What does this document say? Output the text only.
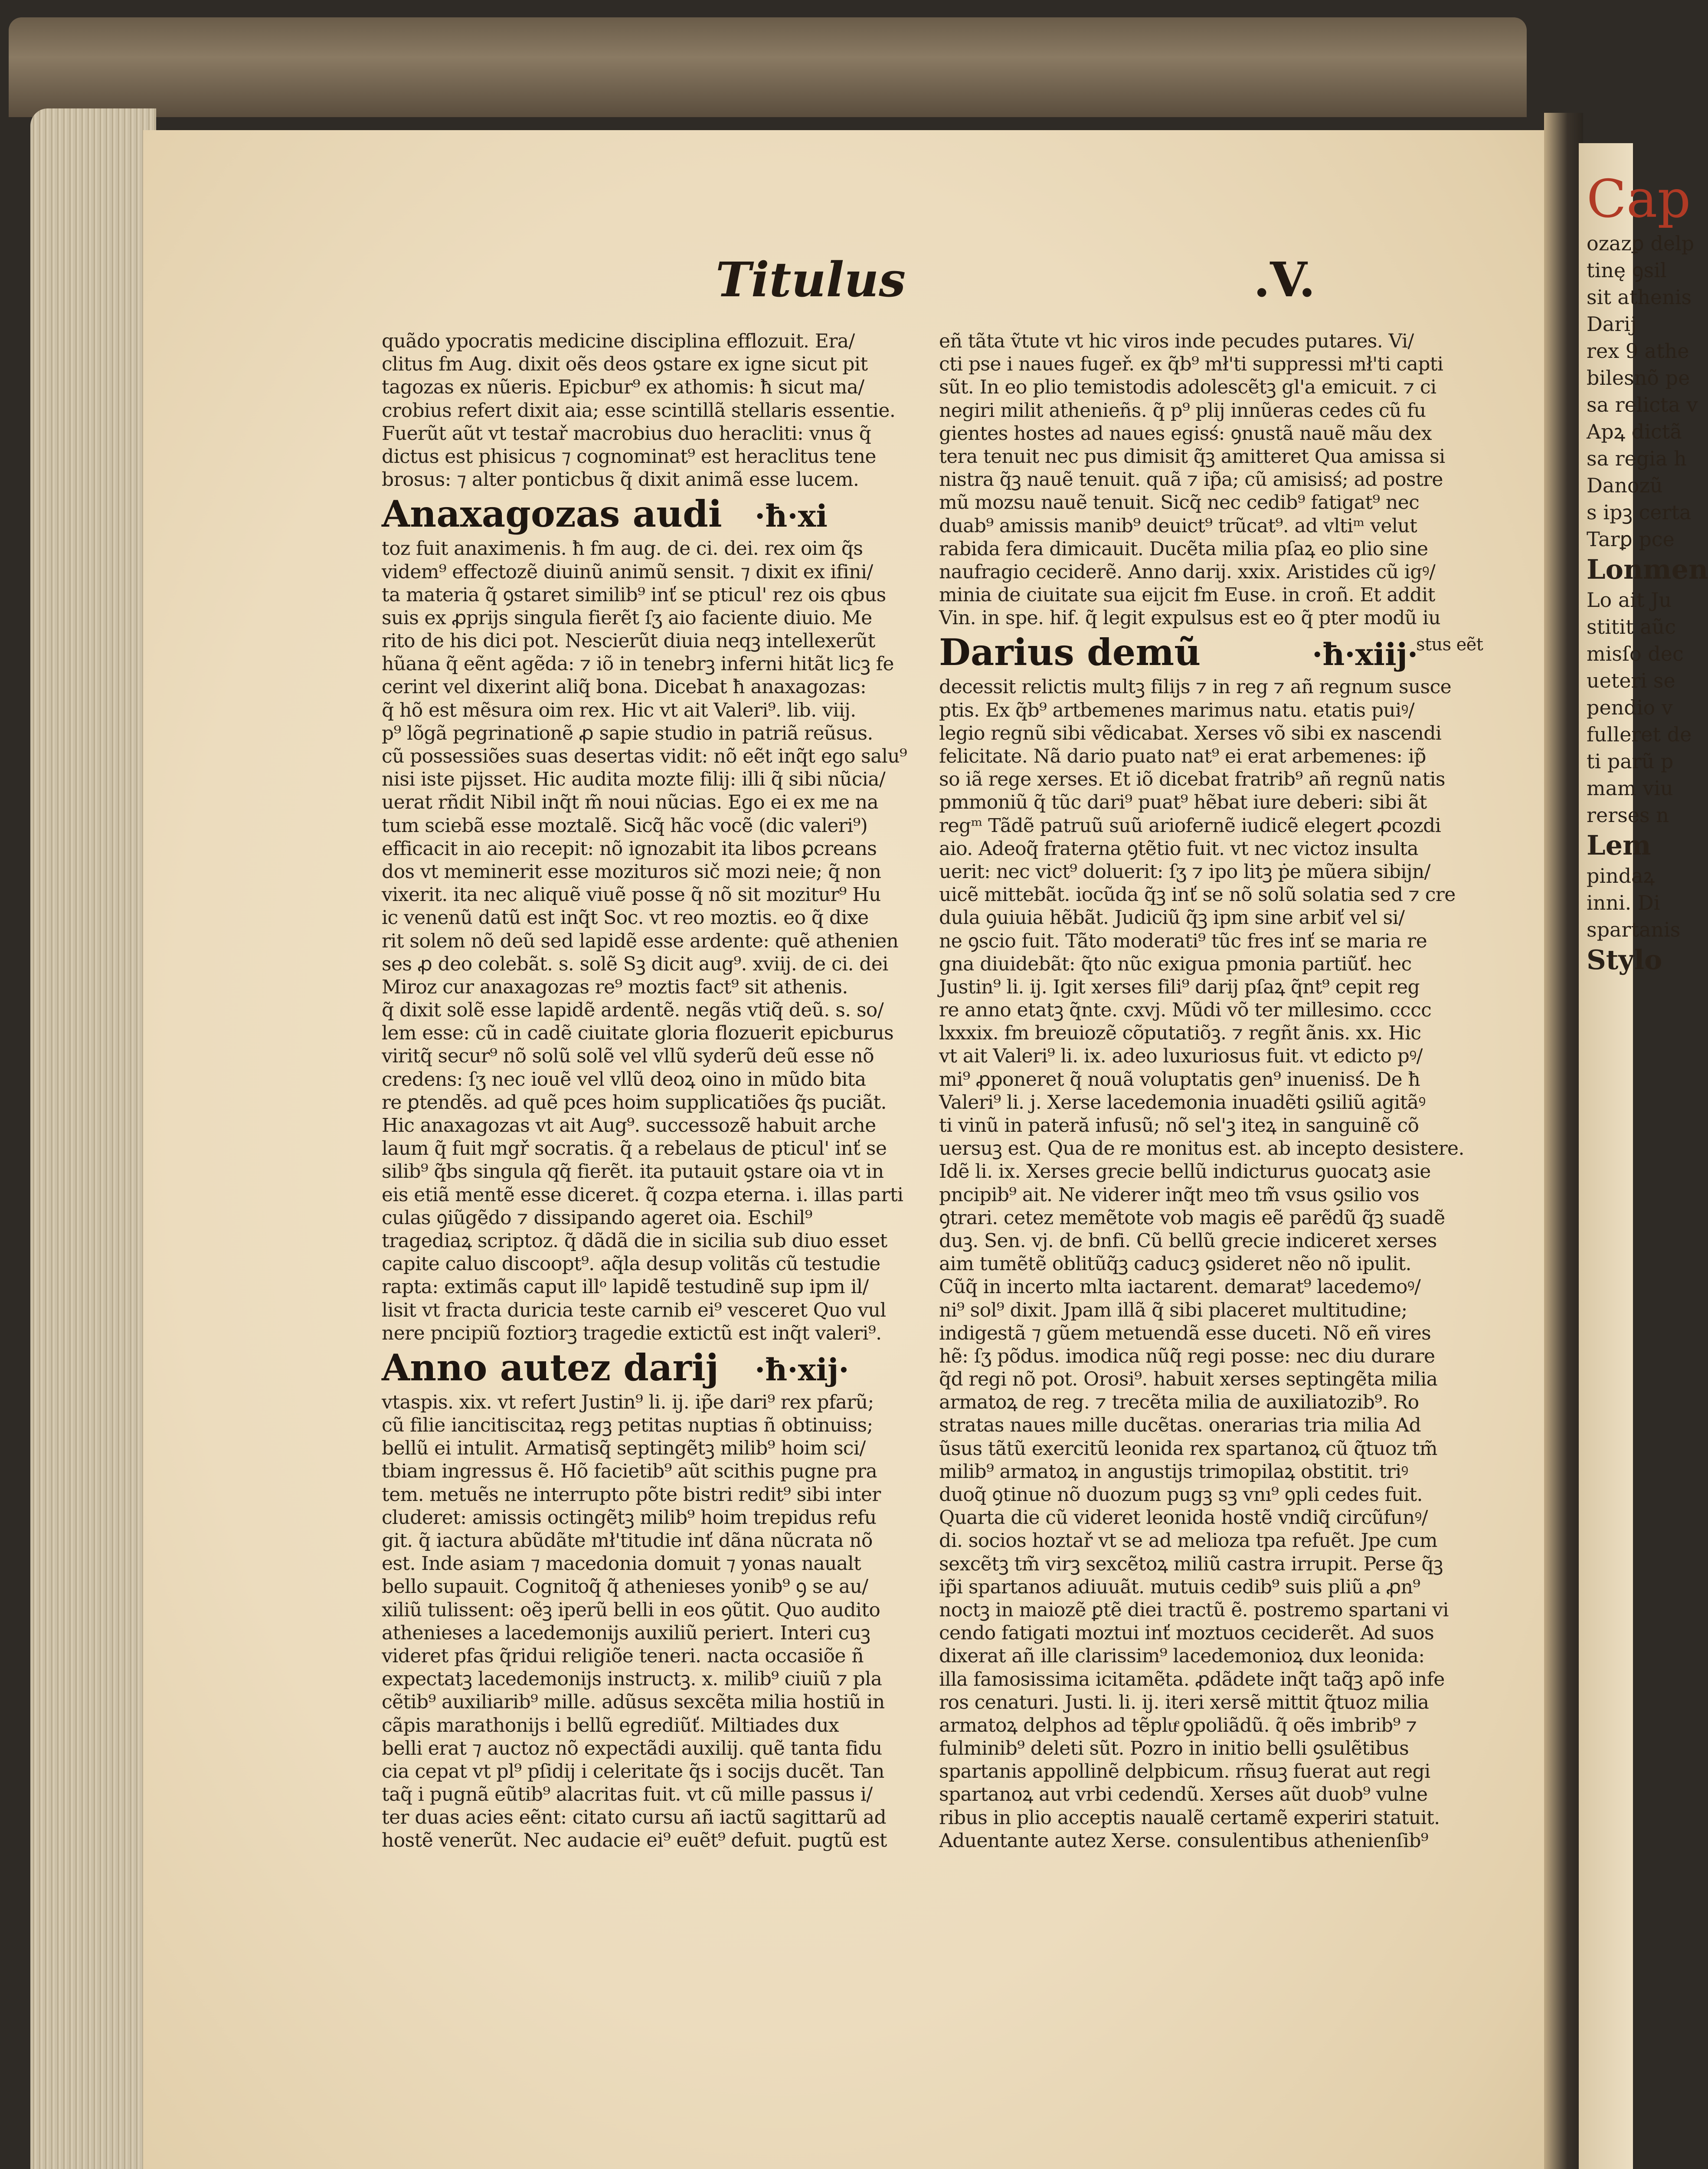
Cap
ozazꝑ delp
tinę ꝯsil
sit athenis
Darij
rex 9 athe
bilesnõ pe
sa relicta v
Apꝝ dictã
sa regia h
Danozũ
s ipꝫ certa
Tarꝑ pce
Lonmen
Lo ait Ju
stitit aũc
misſo dec
ueteri se
pendio v
fulleret de
ti parũ p
mam viu
rerses n
Lem
pindaꝝ
inni. Di
spartanis
Stylo
Titulus	.V.
quãdo ypocratis medicine disciplina efflozuit. Era/
clitus fm Aug. dixit oẽs deos ꝯstare ex igne sicut pit
tagozas ex nũeris. Epicbur⁹ ex athomis: ħ sicut ma/
crobius refert dixit aia; esse scintillã stellaris essentie.
Fuerũt aũt vt testař macrobius duo heracliti: vnus q̃
dictus est phisicus ⁊ cognominat⁹ est heraclitus tene
brosus: ⁊ alter ponticbus q̃ dixit animã esse lucem.
Anaxagozas audi ·ħ·xi
toz fuit anaximenis. ħ fm aug. de ci. dei. rex oim q̃s
videm⁹ effectozẽ diuinũ animũ sensit. ⁊ dixit ex ifini/
ta materia q̃ ꝯstaret similib⁹ inť se pticul' rez ois qbus
suis ex ꝓprijs singula fierẽt ſʒ aio faciente diuio. Me
rito de his dici pot. Nescierũt diuia neqꝫ intellexerũt
hũana q̃ eẽnt agẽda: ⁊ iõ in tenebrꝫ inferni hitãt licꝫ fe
cerint vel dixerint aliq̃ bona. Dicebat ħ anaxagozas:
q̃ hõ est mẽsura oim rex. Hic vt ait Valeri⁹. lib. viij.
p⁹ lõgã pegrinationẽ ꝓ sapie studio in patriã reũsus.
cũ possessiões suas desertas vidit: nõ eẽt inq̃t ego salu⁹
nisi iste pijsset. Hic audita mozte filij: illi q̃ sibi nũcia/
uerat rñdit Nibil inq̃t m̃ noui nũcias. Ego ei ex me na
tum sciebã esse moztalẽ. Sicq̃ hãc vocẽ (dic valeri⁹)
efficacit in aio recepit: nõ ignozabit ita libos ꝑcreans
dos vt meminerit esse mozituros sič mozi neie; q̃ non
vixerit. ita nec aliquẽ viuẽ posse q̃ nõ sit mozitur⁹ Hu
ic venenũ datũ est inq̃t Soc. vt reo moztis. eo q̃ dixe
rit solem nõ deũ sed lapidẽ esse ardente: quẽ athenien
ses ꝓ deo colebãt. s. solẽ Sꝫ dicit aug⁹. xviij. de ci. dei
Miroz cur anaxagozas re⁹ moztis fact⁹ sit athenis.
q̃ dixit solẽ esse lapidẽ ardentẽ. negãs vtiq̃ deũ. s. so/
lem esse: cũ in cadẽ ciuitate gloria flozuerit epicburus
viritq̃ secur⁹ nõ solũ solẽ vel vllũ syderũ deũ esse nõ
credens: ſʒ nec iouẽ vel vllũ deoꝝ oino in mũdo bita
re ꝑtendẽs. ad quẽ pces hoim supplicatiões q̃s puciãt.
Hic anaxagozas vt ait Aug⁹. successozẽ habuit arche
laum q̃ fuit mgř socratis. q̃ a rebelaus de pticul' inť se
silib⁹ q̃bs singula qq̃ fierẽt. ita putauit ꝯstare oia vt in
eis etiã mentẽ esse diceret. q̃ cozpa eterna. i. illas parti
culas ꝯiũgẽdo ⁊ dissipando ageret oia. Eschil⁹
tragediaꝝ scriptoz. q̃ dãdã die in sicilia sub diuo esset
capite caluo discoopt⁹. aq̃la desup volitãs cũ testudie
rapta: extimãs caput illᵒ lapidẽ testudinẽ sup ipm il/
lisit vt fracta duricia teste carnib ei⁹ vesceret Quo vul
nere pncipiũ foztiorꝫ tragedie extictũ est inq̃t valeri⁹.
Anno autez darij ·ħ·xij·
vtaspis. xix. vt refert Justin⁹ li. ij. ip̃e dari⁹ rex pfarũ;
cũ filie iancitiscitaꝝ regꝫ petitas nuptias ñ obtinuiss;
bellũ ei intulit. Armatisq̃ septingẽtꝫ milib⁹ hoim sci/
tbiam ingressus ẽ. Hõ facietib⁹ aũt scithis pugne pra
tem. metuẽs ne interrupto põte bistri redit⁹ sibi inter
cluderet: amissis octingẽtꝫ milib⁹ hoim trepidus refu
git. q̃ iactura abũdãte mł'titudie inť dãna nũcrata nõ
est. Inde asiam ⁊ macedonia domuit ⁊ yonas naualt
bello supauit. Cognitoq̃ q̃ athenieses yonib⁹ ꝯ se au/
xiliũ tulissent: oẽꝫ iperũ belli in eos ꝯũtit. Quo audito
athenieses a lacedemonijs auxiliũ periert. Interi cuꝫ
videret pfas q̃ridui religiõe teneri. nacta occasiõe ñ
expectatꝫ lacedemonijs instructꝫ. x. milib⁹ ciuiũ ⁊ pla
cẽtib⁹ auxiliarib⁹ mille. adũsus sexcẽta milia hostiũ in
cãpis marathonijs i bellũ egrediũť. Miltiades dux
belli erat ⁊ auctoz nõ expectãdi auxilij. quẽ tanta fidu
cia cepat vt pl⁹ pſidij i celeritate q̃s i socijs ducẽt. Tan
taq̃ i pugnã eũtib⁹ alacritas fuit. vt cũ mille passus i/
ter duas acies eẽnt: citato cursu añ iactũ sagittarũ ad
hostẽ venerũt. Nec audacie ei⁹ euẽt⁹ defuit. pugtũ est
eñ tãta ṽtute vt hic viros inde pecudes putares. Vi/
cti pse i naues fugeř. ex q̃b⁹ mł'ti suppressi mł'ti capti
sũt. In eo plio temistodis adolescẽtꝫ gl'a emicuit. ⁊ ci
negiri milit athenieñs. q̃ p⁹ plij innũeras cedes cũ fu
gientes hostes ad naues egisś: ꝯnustã nauẽ mãu dex
tera tenuit nec pus dimisit q̃ꝫ amitteret Qua amissa si
nistra q̃ꝫ nauẽ tenuit. quã ⁊ ip̃a; cũ amisisś; ad postre
mũ mozsu nauẽ tenuit. Sicq̃ nec cedib⁹ fatigat⁹ nec
duab⁹ amissis manib⁹ deuict⁹ trũcat⁹. ad vltiᵐ velut
rabida fera dimicauit. Ducẽta milia pſaꝝ eo plio sine
naufragio ceciderẽ. Anno darij. xxix. Aristides cũ igꝰ/
minia de ciuitate sua eijcit fm Euse. in croñ. Et addit
Vin. in spe. hif. q̃ legit expulsus est eo q̃ pter modũ iu
Darius demũ	·ħ·xiij·
decessit relictis multꝫ filijs ⁊ in reg ⁊ añ regnum susce
ptis. Ex q̃b⁹ artbemenes marimus natu. etatis puiꝰ/
legio regnũ sibi vẽdicabat. Xerses võ sibi ex nascendi
felicitate. Nã dario puato nat⁹ ei erat arbemenes: ip̃
so iã rege xerses. Et iõ dicebat fratrib⁹ añ regnũ natis
pmmoniũ q̃ tũc dari⁹ puat⁹ hẽbat iure deberi: sibi ãt
regᵐ Tãdẽ patruũ suũ ariofernẽ iudicẽ elegert ꝓcozdi
aio. Adeoq̃ fraterna ꝯtẽtio fuit. vt nec victoz insulta
uerit: nec vict⁹ doluerit: ſʒ ⁊ ipo litꝫ ṗe mũera sibijn/
uicẽ mittebãt. iocũda q̃ꝫ inť se nõ solũ solatia sed ⁊ cre
dula ꝯuiuia hẽbãt. Judiciũ q̃ꝫ ipm sine arbiť vel si/
ne ꝯscio fuit. Tãto moderati⁹ tũc fres inť se maria re
gna diuidebãt: q̃to nũc exigua pmonia partiũť. hec
Justin⁹ li. ij. Igit xerses fili⁹ darij pſaꝝ q̃nt⁹ cepit reg
re anno etatꝫ q̃nte. cxvj. Mũdi võ ter millesimo. cccc
lxxxix. fm breuiozẽ cõputatiõꝫ. ⁊ regñt ãnis. xx. Hic
vt ait Valeri⁹ li. ix. adeo luxuriosus fuit. vt edicto pꝰ/
mi⁹ ꝓponeret q̃ nouã voluptatis gen⁹ inuenisś. De ħ
Valeri⁹ li. j. Xerse lacedemonia inuadẽti ꝯsiliũ agitãꝰ
ti vinũ in pateră infusũ; nõ sel'ꝫ iteꝝ in sanguinẽ cõ
uersuꝫ est. Qua de re monitus est. ab incepto desistere.
Idẽ li. ix. Xerses grecie bellũ indicturus ꝯuocatꝫ asie
pncipib⁹ ait. Ne viderer inq̃t meo tm̃ vsus ꝯsilio vos
ꝯtrari. cetez memẽtote vob magis eẽ parẽdũ q̃ꝫ suadẽ
duꝫ. Sen. vj. de bnfi. Cũ bellũ grecie indiceret xerses
aim tumẽtẽ oblitũq̃ꝫ caducꝫ ꝯsideret nẽo nõ ipulit.
Cũq̃ in incerto mlta iactarent. demarat⁹ lacedemoꝰ/
ni⁹ sol⁹ dixit. Jpam illã q̃ sibi placeret multitudine;
indigestã ⁊ gũem metuendã esse duceti. Nõ eñ vires
hẽ: ſʒ põdus. imodica nũq̃ regi posse: nec diu durare
q̃d regi nõ pot. Orosi⁹. habuit xerses septingẽta milia
armatoꝝ de reg. ⁊ trecẽta milia de auxiliatozib⁹. Ro
stratas naues mille ducẽtas. onerarias tria milia Ad
ũsus tãtũ exercitũ leonida rex spartanoꝝ cũ q̃tuoz tm̃
milib⁹ armatoꝝ in angustijs trimopilaꝝ obstitit. triꝰ
duoq̃ ꝯtinue nõ duozum pugꝫ sꝫ vnı⁹ ꝯpli cedes fuit.
Quarta die cũ videret leonida hostẽ vndiq̃ circũfunꝰ/
di. socios hoztař vt se ad melioza tpa refuẽt. Jpe cum
sexcẽtꝫ tm̃ virꝫ sexcẽtoꝝ miliũ castra irrupit. Perse q̃ꝫ
ip̃i spartanos adiuuãt. mutuis cedib⁹ suis pliũ a ꝓn⁹
noctꝫ in maiozẽ ꝑtẽ diei tractũ ẽ. postremo spartani vi
cendo fatigati moztui inť moztuos ceciderẽt. Ad suos
dixerat añ ille clarissim⁹ lacedemonioꝝ dux leonida:
illa famosissima icitamẽta. ꝓdãdete inq̃t taq̃ꝫ apõ infe
ros cenaturi. Justi. li. ij. iteri xersẽ mittit q̃tuoz milia
armatoꝝ delphos ad tẽpluͤ ꝯpoliãdũ. q̃ oẽs imbrib⁹ ⁊
fulminib⁹ deleti sũt. Pozro in initio belli ꝯsulẽtibus
spartanis appollinẽ delpbicum. rñsuꝫ fuerat aut regi
spartanoꝝ aut vrbi cedendũ. Xerses aũt duob⁹ vulne
ribus in plio acceptis naualẽ certamẽ experiri statuit.
Aduentante autez Xerse. consulentibus athenienſib⁹
stus eẽt
